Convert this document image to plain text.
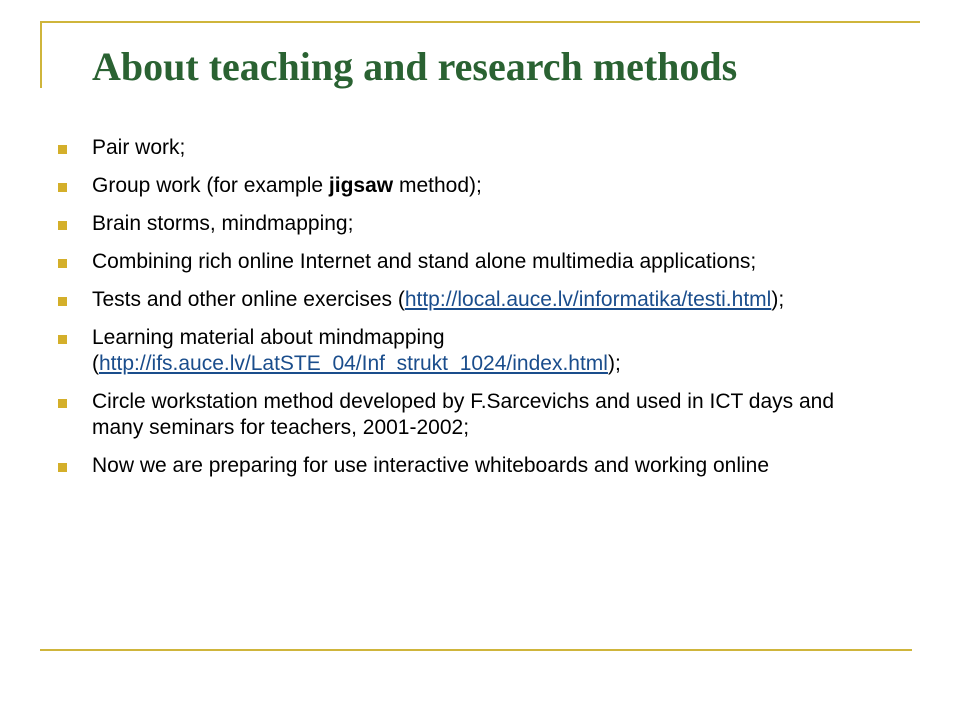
About teaching and research methods
Pair work;
Group work (for example jigsaw method);
Brain storms, mindmapping;
Combining rich online Internet and stand alone multimedia applications;
Tests and other online exercises (http://local.auce.lv/informatika/testi.html);
Learning material about mindmapping (http://ifs.auce.lv/LatSTE_04/Inf_strukt_1024/index.html);
Circle workstation method developed by F.Sarcevichs and used in ICT days and many seminars for teachers, 2001-2002;
Now we are preparing for use interactive whiteboards and working online
